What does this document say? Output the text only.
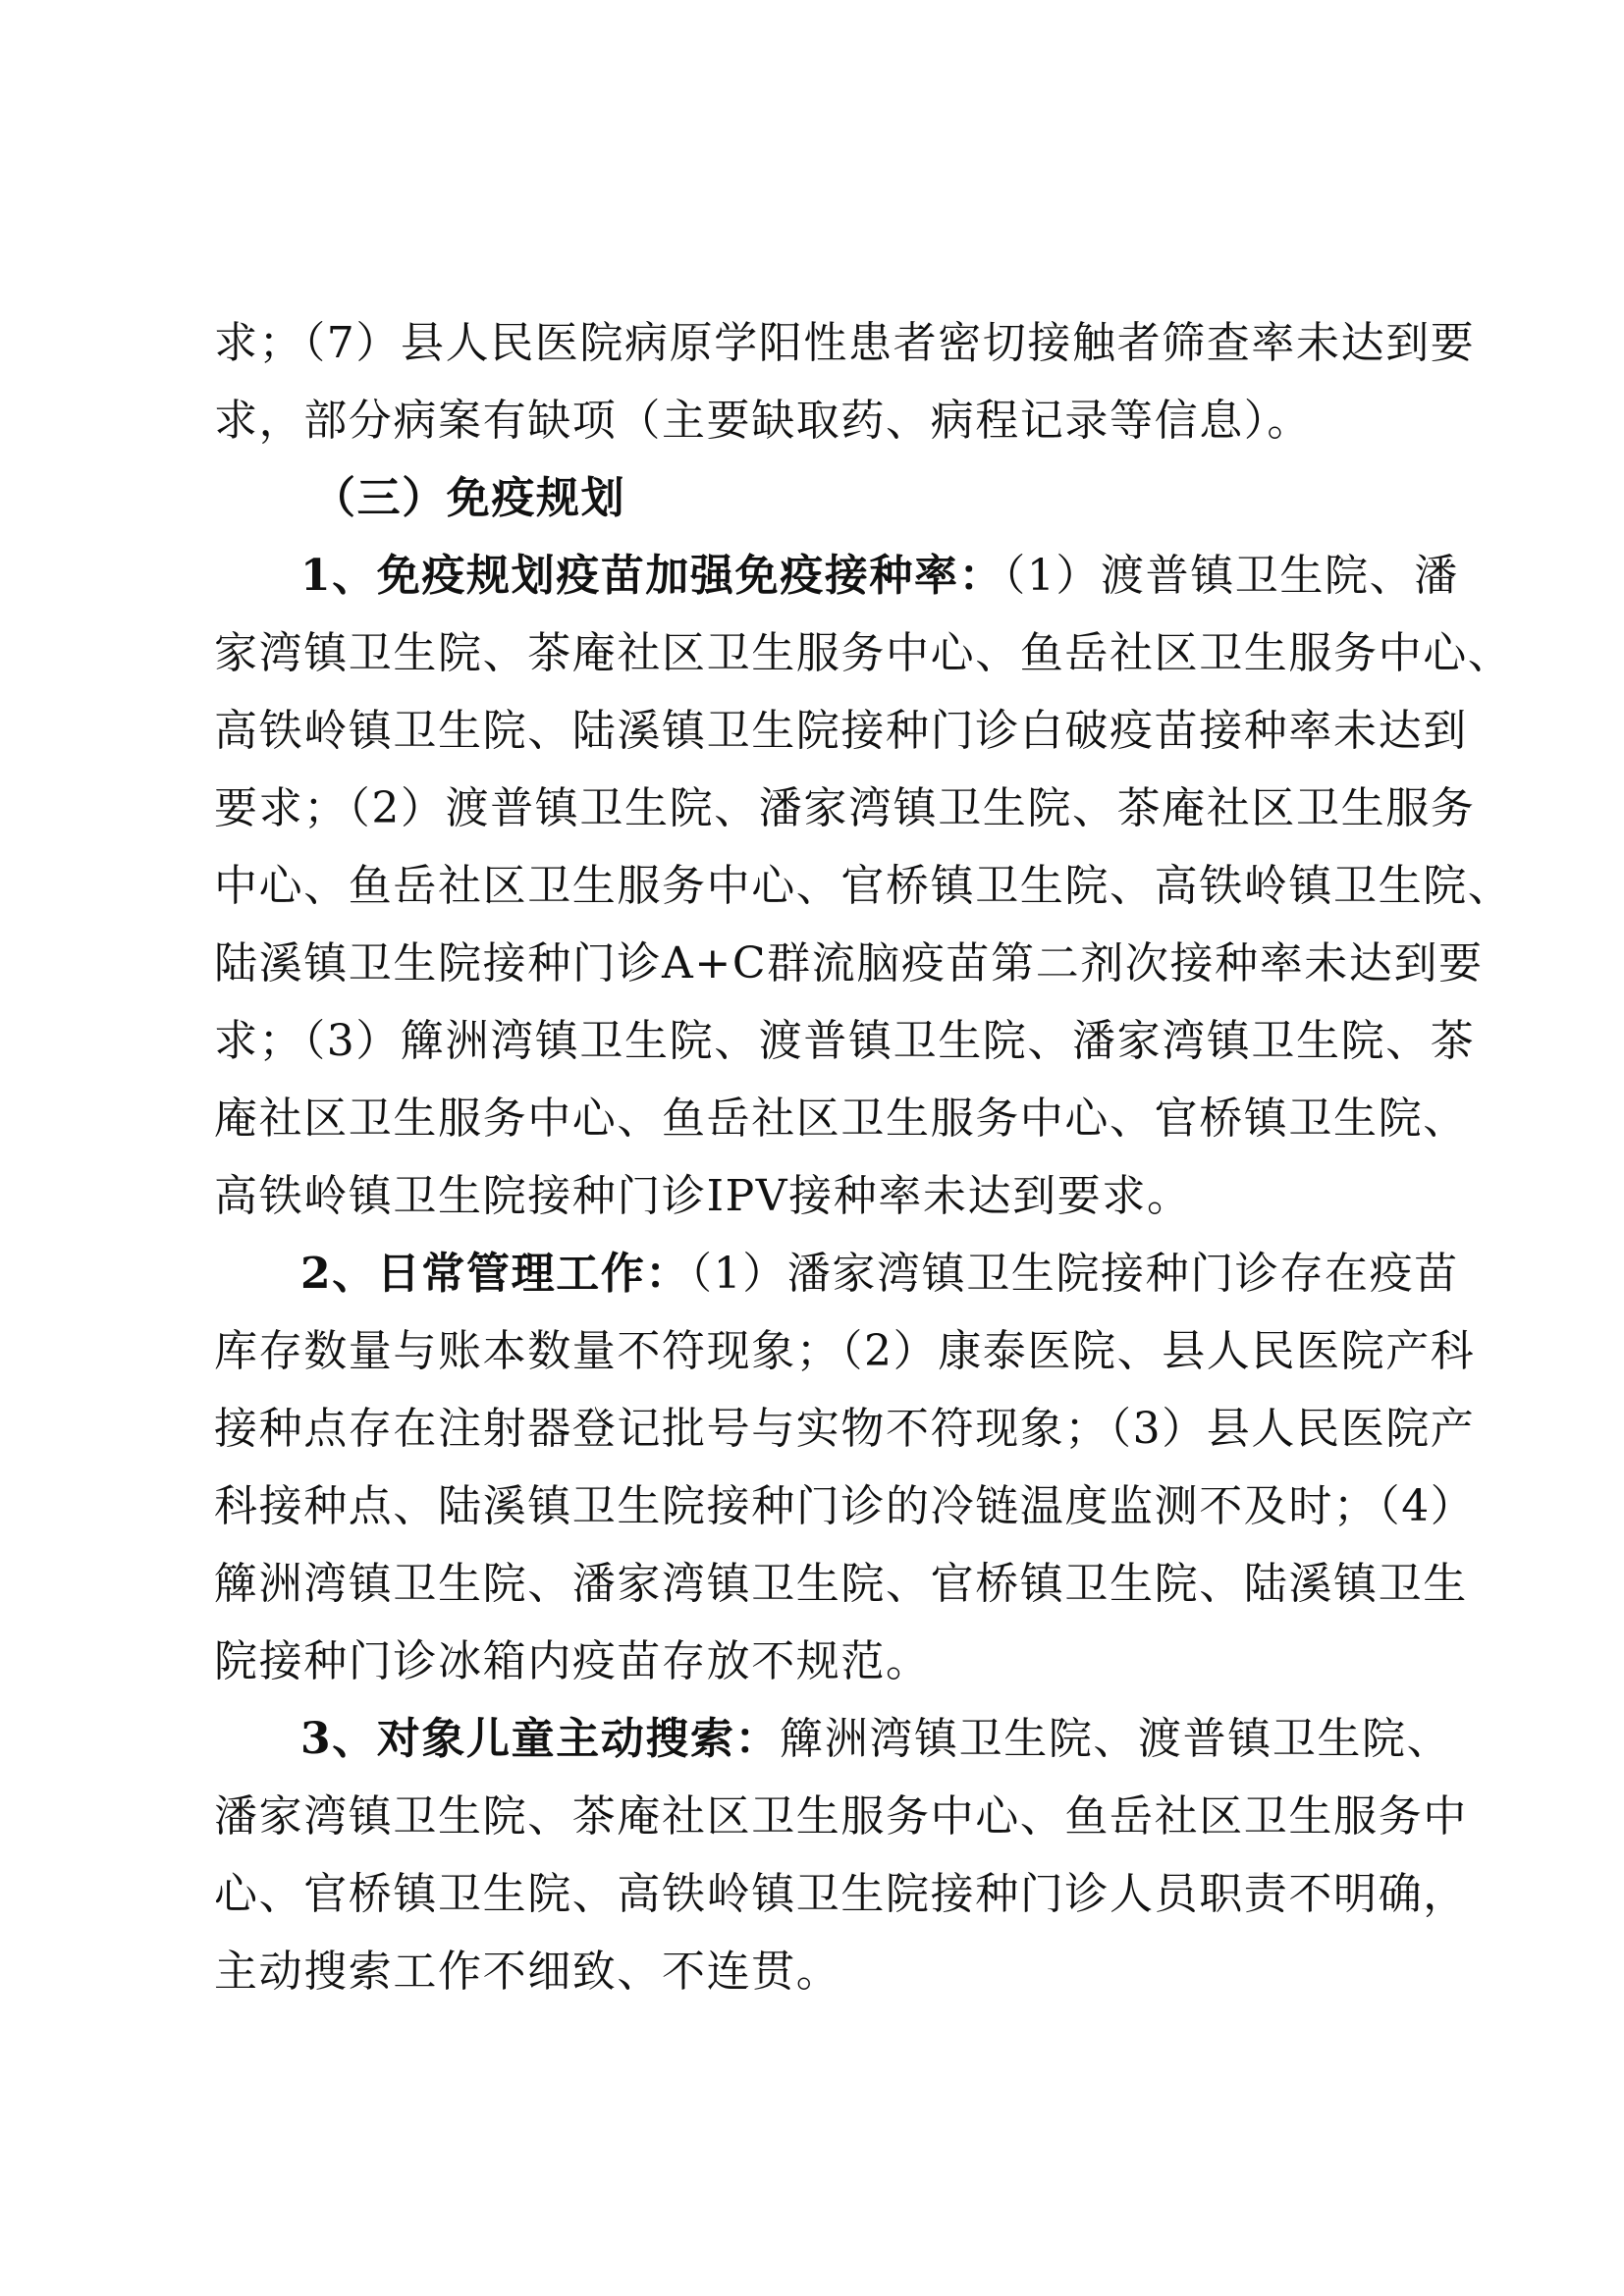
求；（7）县人民医院病原学阳性患者密切接触者筛查率未达到要
求，部分病案有缺项（主要缺取药、病程记录等信息）。
（三）免疫规划
1、免疫规划疫苗加强免疫接种率：（1）渡普镇卫生院、潘
家湾镇卫生院、茶庵社区卫生服务中心、鱼岳社区卫生服务中心、
高铁岭镇卫生院、陆溪镇卫生院接种门诊白破疫苗接种率未达到
要求；（2）渡普镇卫生院、潘家湾镇卫生院、茶庵社区卫生服务
中心、鱼岳社区卫生服务中心、官桥镇卫生院、高铁岭镇卫生院、
陆溪镇卫生院接种门诊A+C群流脑疫苗第二剂次接种率未达到要
求；（3）簰洲湾镇卫生院、渡普镇卫生院、潘家湾镇卫生院、茶
庵社区卫生服务中心、鱼岳社区卫生服务中心、官桥镇卫生院、
高铁岭镇卫生院接种门诊IPV接种率未达到要求。
2、日常管理工作：（1）潘家湾镇卫生院接种门诊存在疫苗
库存数量与账本数量不符现象；（2）康泰医院、县人民医院产科
接种点存在注射器登记批号与实物不符现象；（3）县人民医院产
科接种点、陆溪镇卫生院接种门诊的冷链温度监测不及时；（4）
簰洲湾镇卫生院、潘家湾镇卫生院、官桥镇卫生院、陆溪镇卫生
院接种门诊冰箱内疫苗存放不规范。
3、对象儿童主动搜索：簰洲湾镇卫生院、渡普镇卫生院、
潘家湾镇卫生院、茶庵社区卫生服务中心、鱼岳社区卫生服务中
心、官桥镇卫生院、高铁岭镇卫生院接种门诊人员职责不明确，
主动搜索工作不细致、不连贯。
